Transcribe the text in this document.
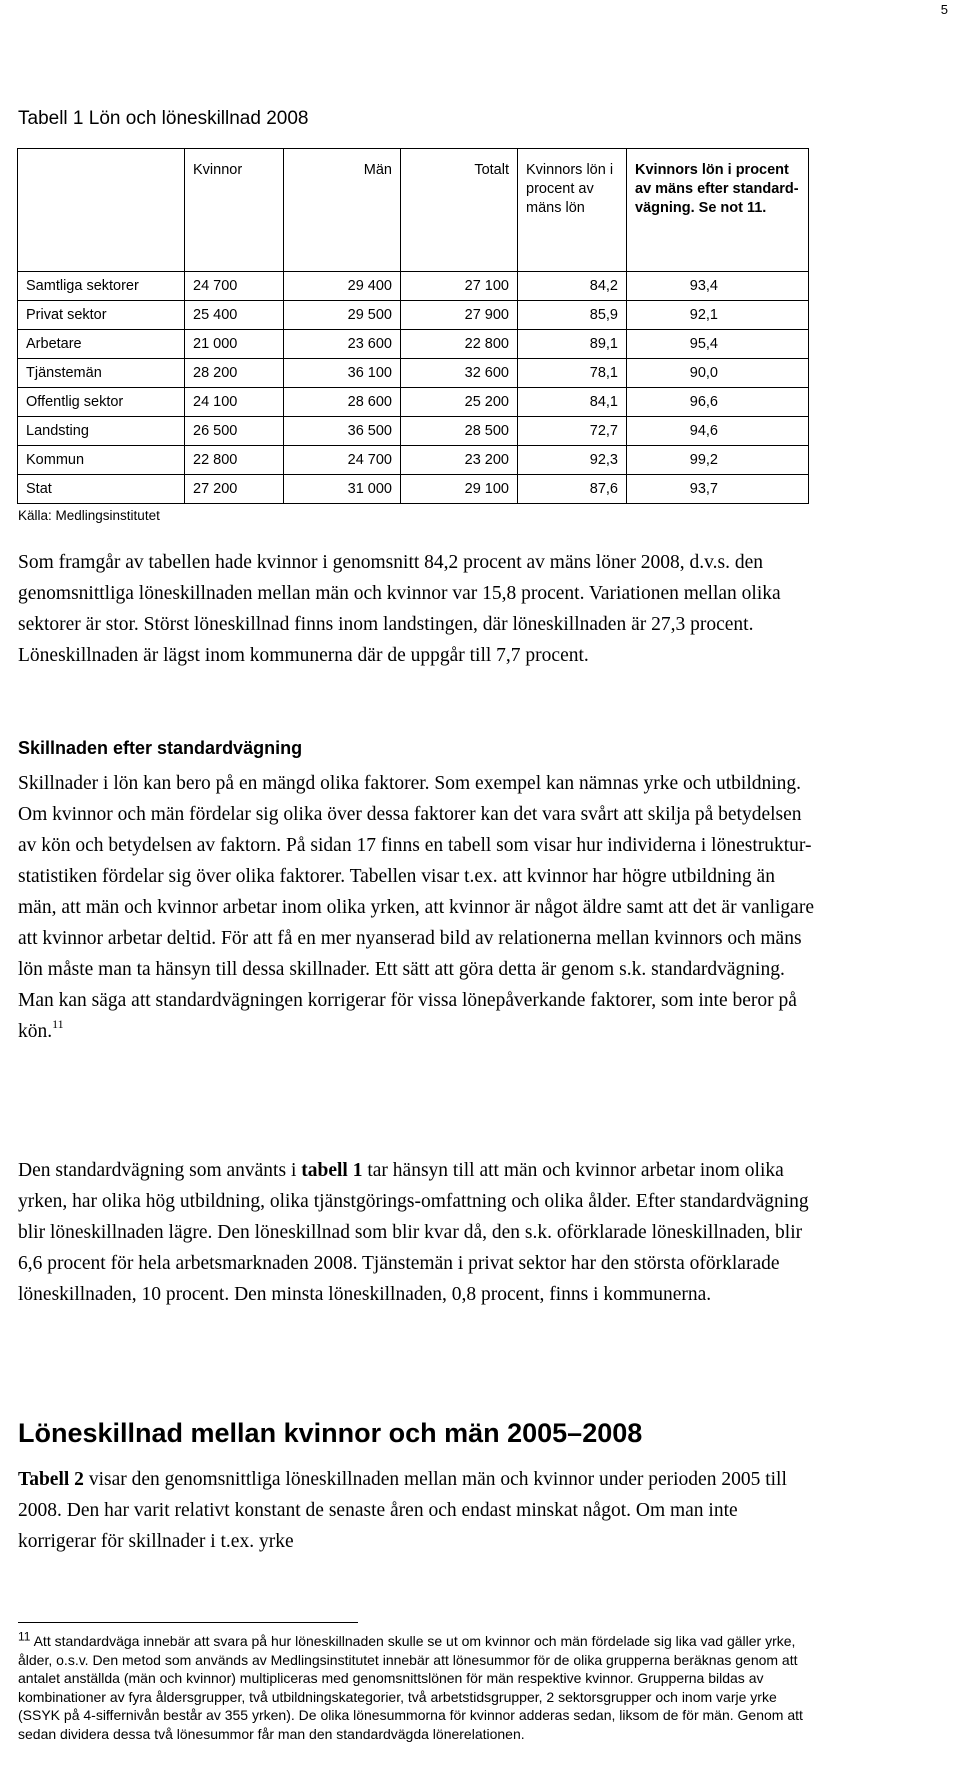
5
Tabell 1 Lön och löneskillnad 2008
	Kvinnor	Män	Totalt	Kvinnors lön i procent av mäns lön	Kvinnors lön i procent av mäns efter standard-vägning. Se not 11.
Samtliga sektorer	24 700	29 400	27 100	84,2	93,4
Privat sektor	25 400	29 500	27 900	85,9	92,1
Arbetare	21 000	23 600	22 800	89,1	95,4
Tjänstemän	28 200	36 100	32 600	78,1	90,0
Offentlig sektor	24 100	28 600	25 200	84,1	96,6
Landsting	26 500	36 500	28 500	72,7	94,6
Kommun	22 800	24 700	23 200	92,3	99,2
Stat	27 200	31 000	29 100	87,6	93,7
Källa: Medlingsinstitutet

Som framgår av tabellen hade kvinnor i genomsnitt 84,2 procent av mäns löner 2008, d.v.s. den genomsnittliga löneskillnaden mellan män och kvinnor var 15,8 procent. Variationen mellan olika sektorer är stor. Störst löneskillnad finns inom landstingen, där löneskillnaden är 27,3 procent. Löneskillnaden är lägst inom kommunerna där de uppgår till 7,7 procent.

Skillnaden efter standardvägning

Skillnader i lön kan bero på en mängd olika faktorer. Som exempel kan nämnas yrke och utbildning. Om kvinnor och män fördelar sig olika över dessa faktorer kan det vara svårt att skilja på betydelsen av kön och betydelsen av faktorn. På sidan 17 finns en tabell som visar hur individerna i lönestruktur-statistiken fördelar sig över olika faktorer. Tabellen visar t.ex. att kvinnor har högre utbildning än män, att män och kvinnor arbetar inom olika yrken, att kvinnor är något äldre samt att det är vanligare att kvinnor arbetar deltid. För att få en mer nyanserad bild av relationerna mellan kvinnors och mäns lön måste man ta hänsyn till dessa skillnader. Ett sätt att göra detta är genom s.k. standardvägning. Man kan säga att standardvägningen korrigerar för vissa lönepåverkande faktorer, som inte beror på kön.$^{11}$

Den standardvägning som använts i tabell 1 tar hänsyn till att män och kvinnor arbetar inom olika yrken, har olika hög utbildning, olika tjänstgörings-omfattning och olika ålder. Efter standardvägning blir löneskillnaden lägre. Den löneskillnad som blir kvar då, den s.k. oförklarade löneskillnaden, blir 6,6 procent för hela arbetsmarknaden 2008. Tjänstemän i privat sektor har den största oförklarade löneskillnaden, 10 procent. Den minsta löneskillnaden, 0,8 procent, finns i kommunerna.

Löneskillnad mellan kvinnor och män 2005–2008

Tabell 2 visar den genomsnittliga löneskillnaden mellan män och kvinnor under perioden 2005 till 2008. Den har varit relativt konstant de senaste åren och endast minskat något. Om man inte korrigerar för skillnader i t.ex. yrke

$^{11}$ Att standardväga innebär att svara på hur löneskillnaden skulle se ut om kvinnor och män fördelade sig lika vad gäller yrke, ålder, o.s.v. Den metod som används av Medlingsinstitutet innebär att lönesummor för de olika grupperna beräknas genom att antalet anställda (män och kvinnor) multipliceras med genomsnittslönen för män respektive kvinnor. Grupperna bildas av kombinationer av fyra åldersgrupper, två utbildningskategorier, två arbetstidsgrupper, 2 sektorsgrupper och inom varje yrke (SSYK på 4-siffernivån består av 355 yrken). De olika lönesummorna för kvinnor adderas sedan, liksom de för män. Genom att sedan dividera dessa två lönesummor får man den standardvägda lönerelationen.
